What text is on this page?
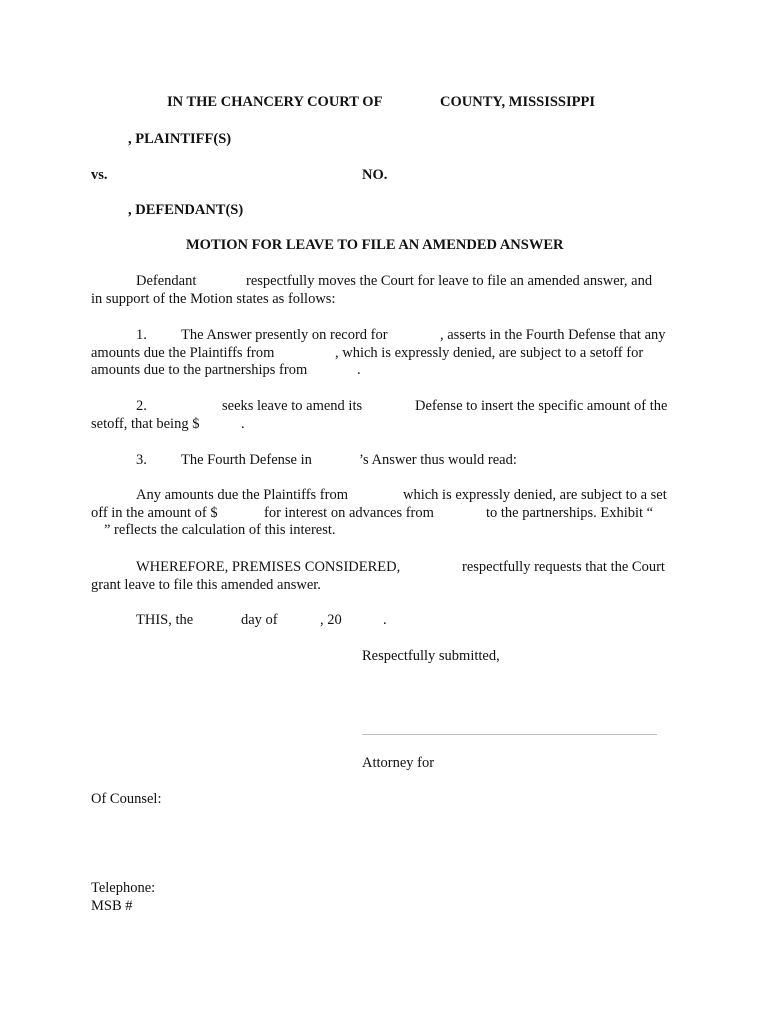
IN THE CHANCERY COURT OF	COUNTY, MISSISSIPPI
, PLAINTIFF(S)
vs.	NO.
, DEFENDANT(S)
MOTION FOR LEAVE TO FILE AN AMENDED ANSWER
Defendant	respectfully moves the Court for leave to file an amended answer, and
in support of the Motion states as follows:
1. The Answer presently on record for	, asserts in the Fourth Defense that any
amounts due the Plaintiffs from	, which is expressly denied, are subject to a setoff for
amounts due to the partnerships from	.
2.	seeks leave to amend its	Defense to insert the specific amount of the
setoff, that being $	.
3. The Fourth Defense in	’s Answer thus would read:
Any amounts due the Plaintiffs from	which is expressly denied, are subject to a set
off in the amount of $	for interest on advances from	to the partnerships. Exhibit “
” reflects the calculation of this interest.
WHEREFORE, PREMISES CONSIDERED,	respectfully requests that the Court
grant leave to file this amended answer.
THIS, the	day of	, 20	.
Respectfully submitted,
Attorney for
Of Counsel:
Telephone:
MSB #
